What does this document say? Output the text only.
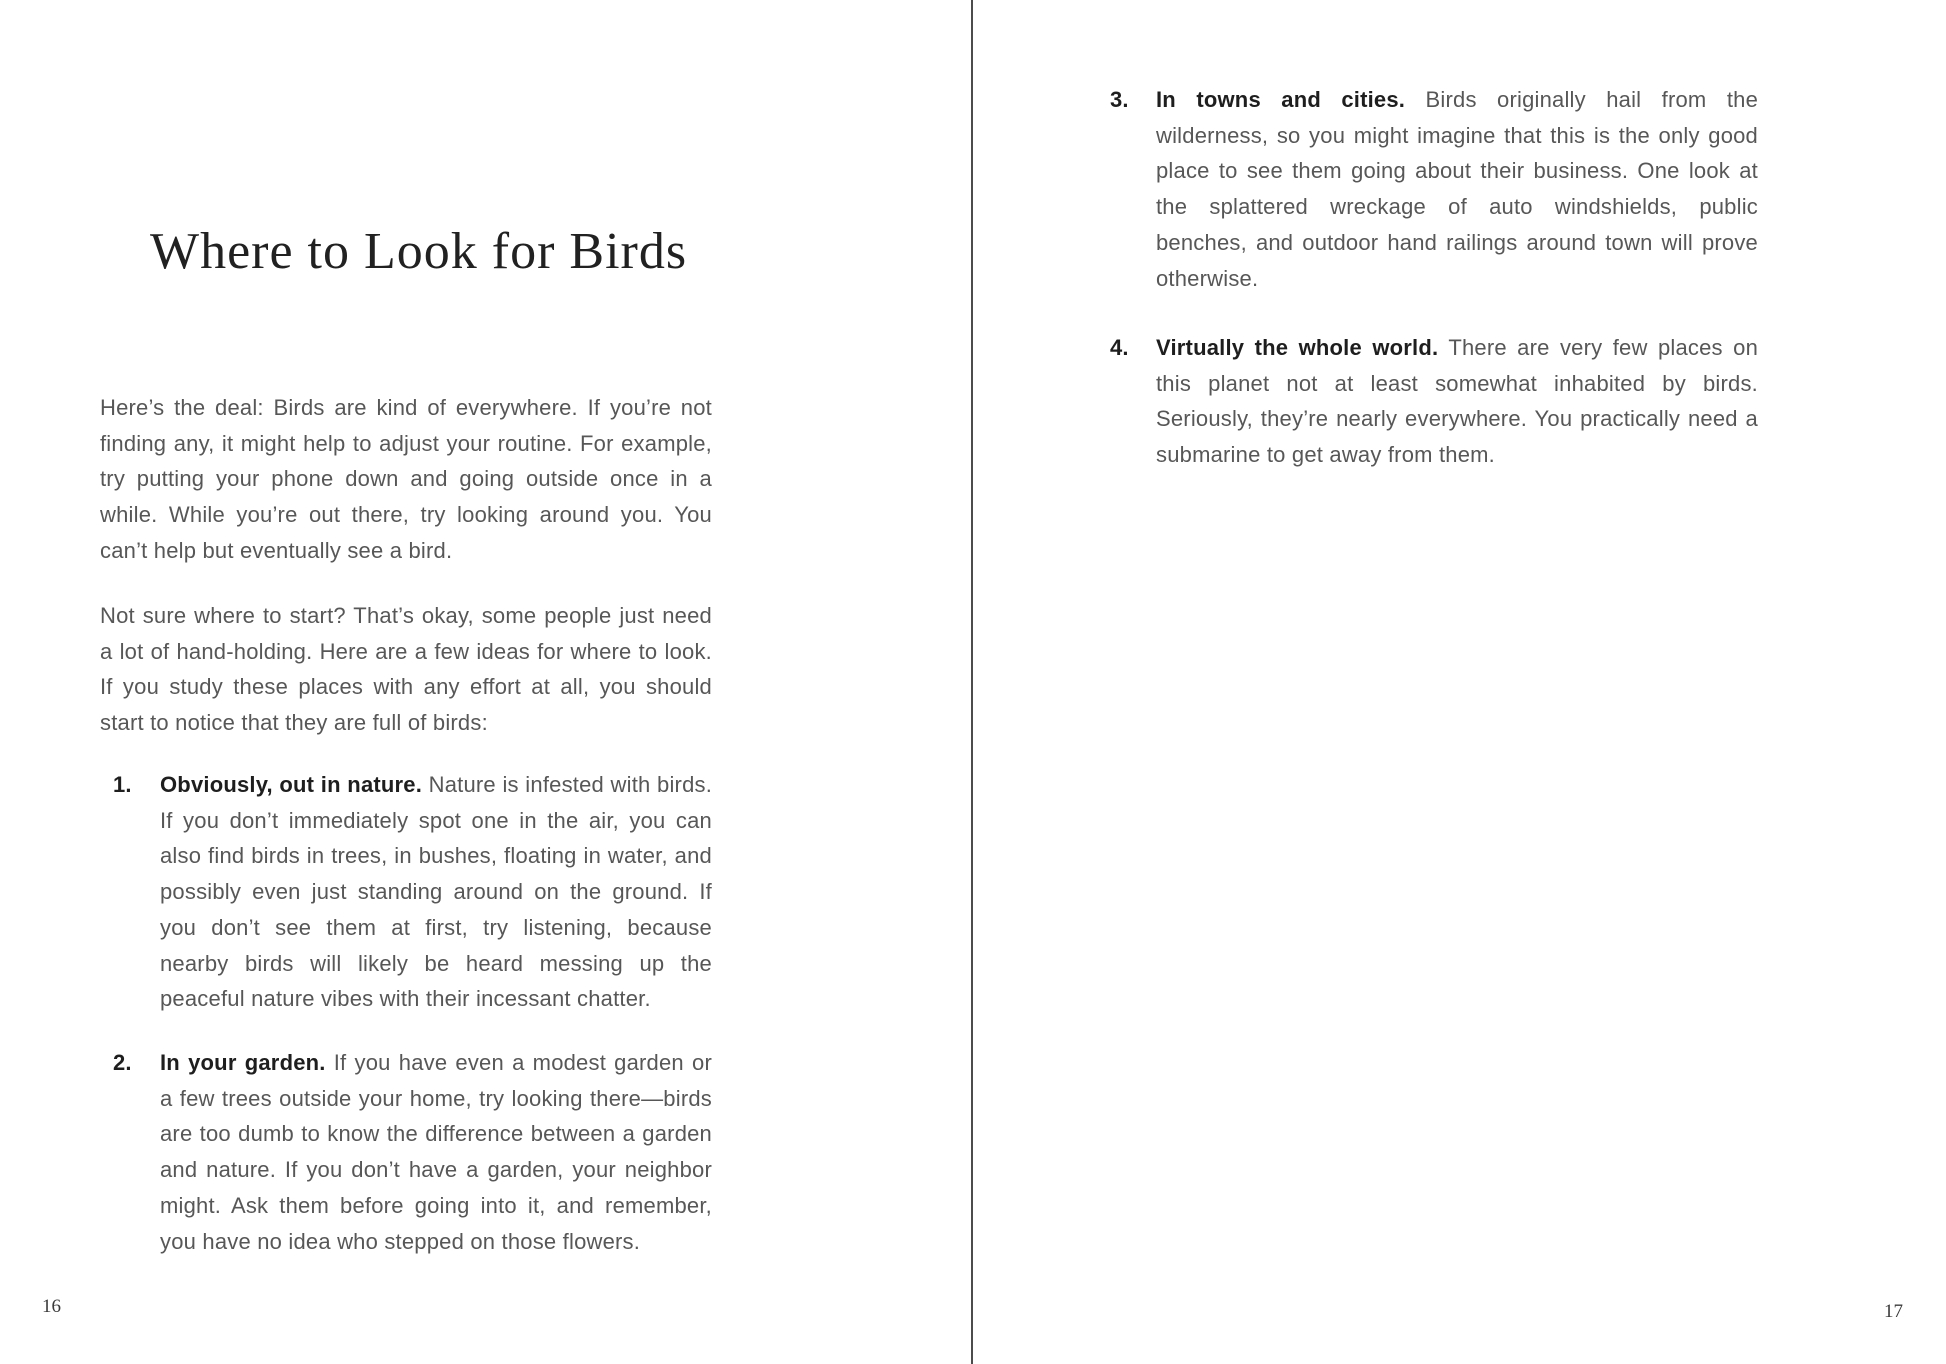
Where to Look for Birds

Here’s the deal: Birds are kind of everywhere. If you’re not finding any, it might help to adjust your routine. For example, try putting your phone down and going outside once in a while. While you’re out there, try looking around you. You can’t help but eventually see a bird.

Not sure where to start? That’s okay, some people just need a lot of hand-holding. Here are a few ideas for where to look. If you study these places with any effort at all, you should start to notice that they are full of birds:

1. Obviously, out in nature. Nature is infested with birds. If you don’t immediately spot one in the air, you can also find birds in trees, in bushes, floating in water, and possibly even just standing around on the ground. If you don’t see them at first, try listening, because nearby birds will likely be heard messing up the peaceful nature vibes with their incessant chatter.
2. In your garden. If you have even a modest garden or a few trees outside your home, try looking there—birds are too dumb to know the difference between a garden and nature. If you don’t have a garden, your neighbor might. Ask them before going into it, and remember, you have no idea who stepped on those flowers.
16
3. In towns and cities. Birds originally hail from the wilderness, so you might imagine that this is the only good place to see them going about their business. One look at the splattered wreckage of auto windshields, public benches, and outdoor hand railings around town will prove otherwise.
4. Virtually the whole world. There are very few places on this planet not at least somewhat inhabited by birds. Seriously, they’re nearly everywhere. You practically need a submarine to get away from them.
17
